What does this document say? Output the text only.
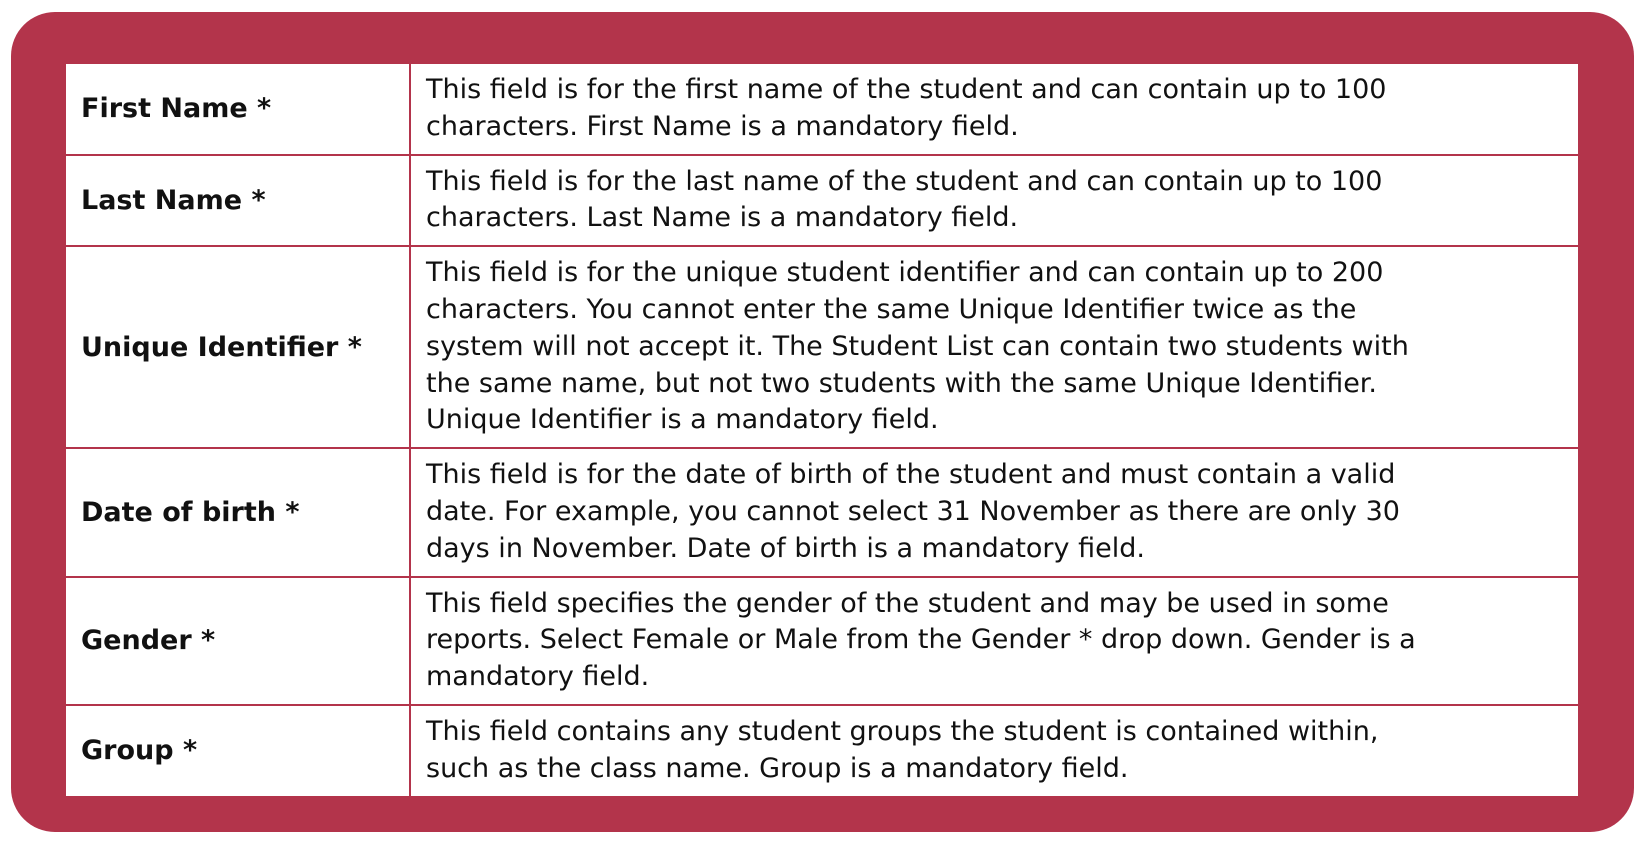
First Name *	This field is for the first name of the student and can contain up to 100
characters. First Name is a mandatory field.

Last Name *	This field is for the last name of the student and can contain up to 100
characters. Last Name is a mandatory field.

Unique Identifier *	This field is for the unique student identifier and can contain up to 200
characters. You cannot enter the same Unique Identifier twice as the
system will not accept it. The Student List can contain two students with
the same name, but not two students with the same Unique Identifier.
Unique Identifier is a mandatory field.

Date of birth *	This field is for the date of birth of the student and must contain a valid
date. For example, you cannot select 31 November as there are only 30
days in November. Date of birth is a mandatory field.

Gender *	This field specifies the gender of the student and may be used in some
reports. Select Female or Male from the Gender * drop down. Gender is a
mandatory field.

Group *	This field contains any student groups the student is contained within,
such as the class name. Group is a mandatory field.
